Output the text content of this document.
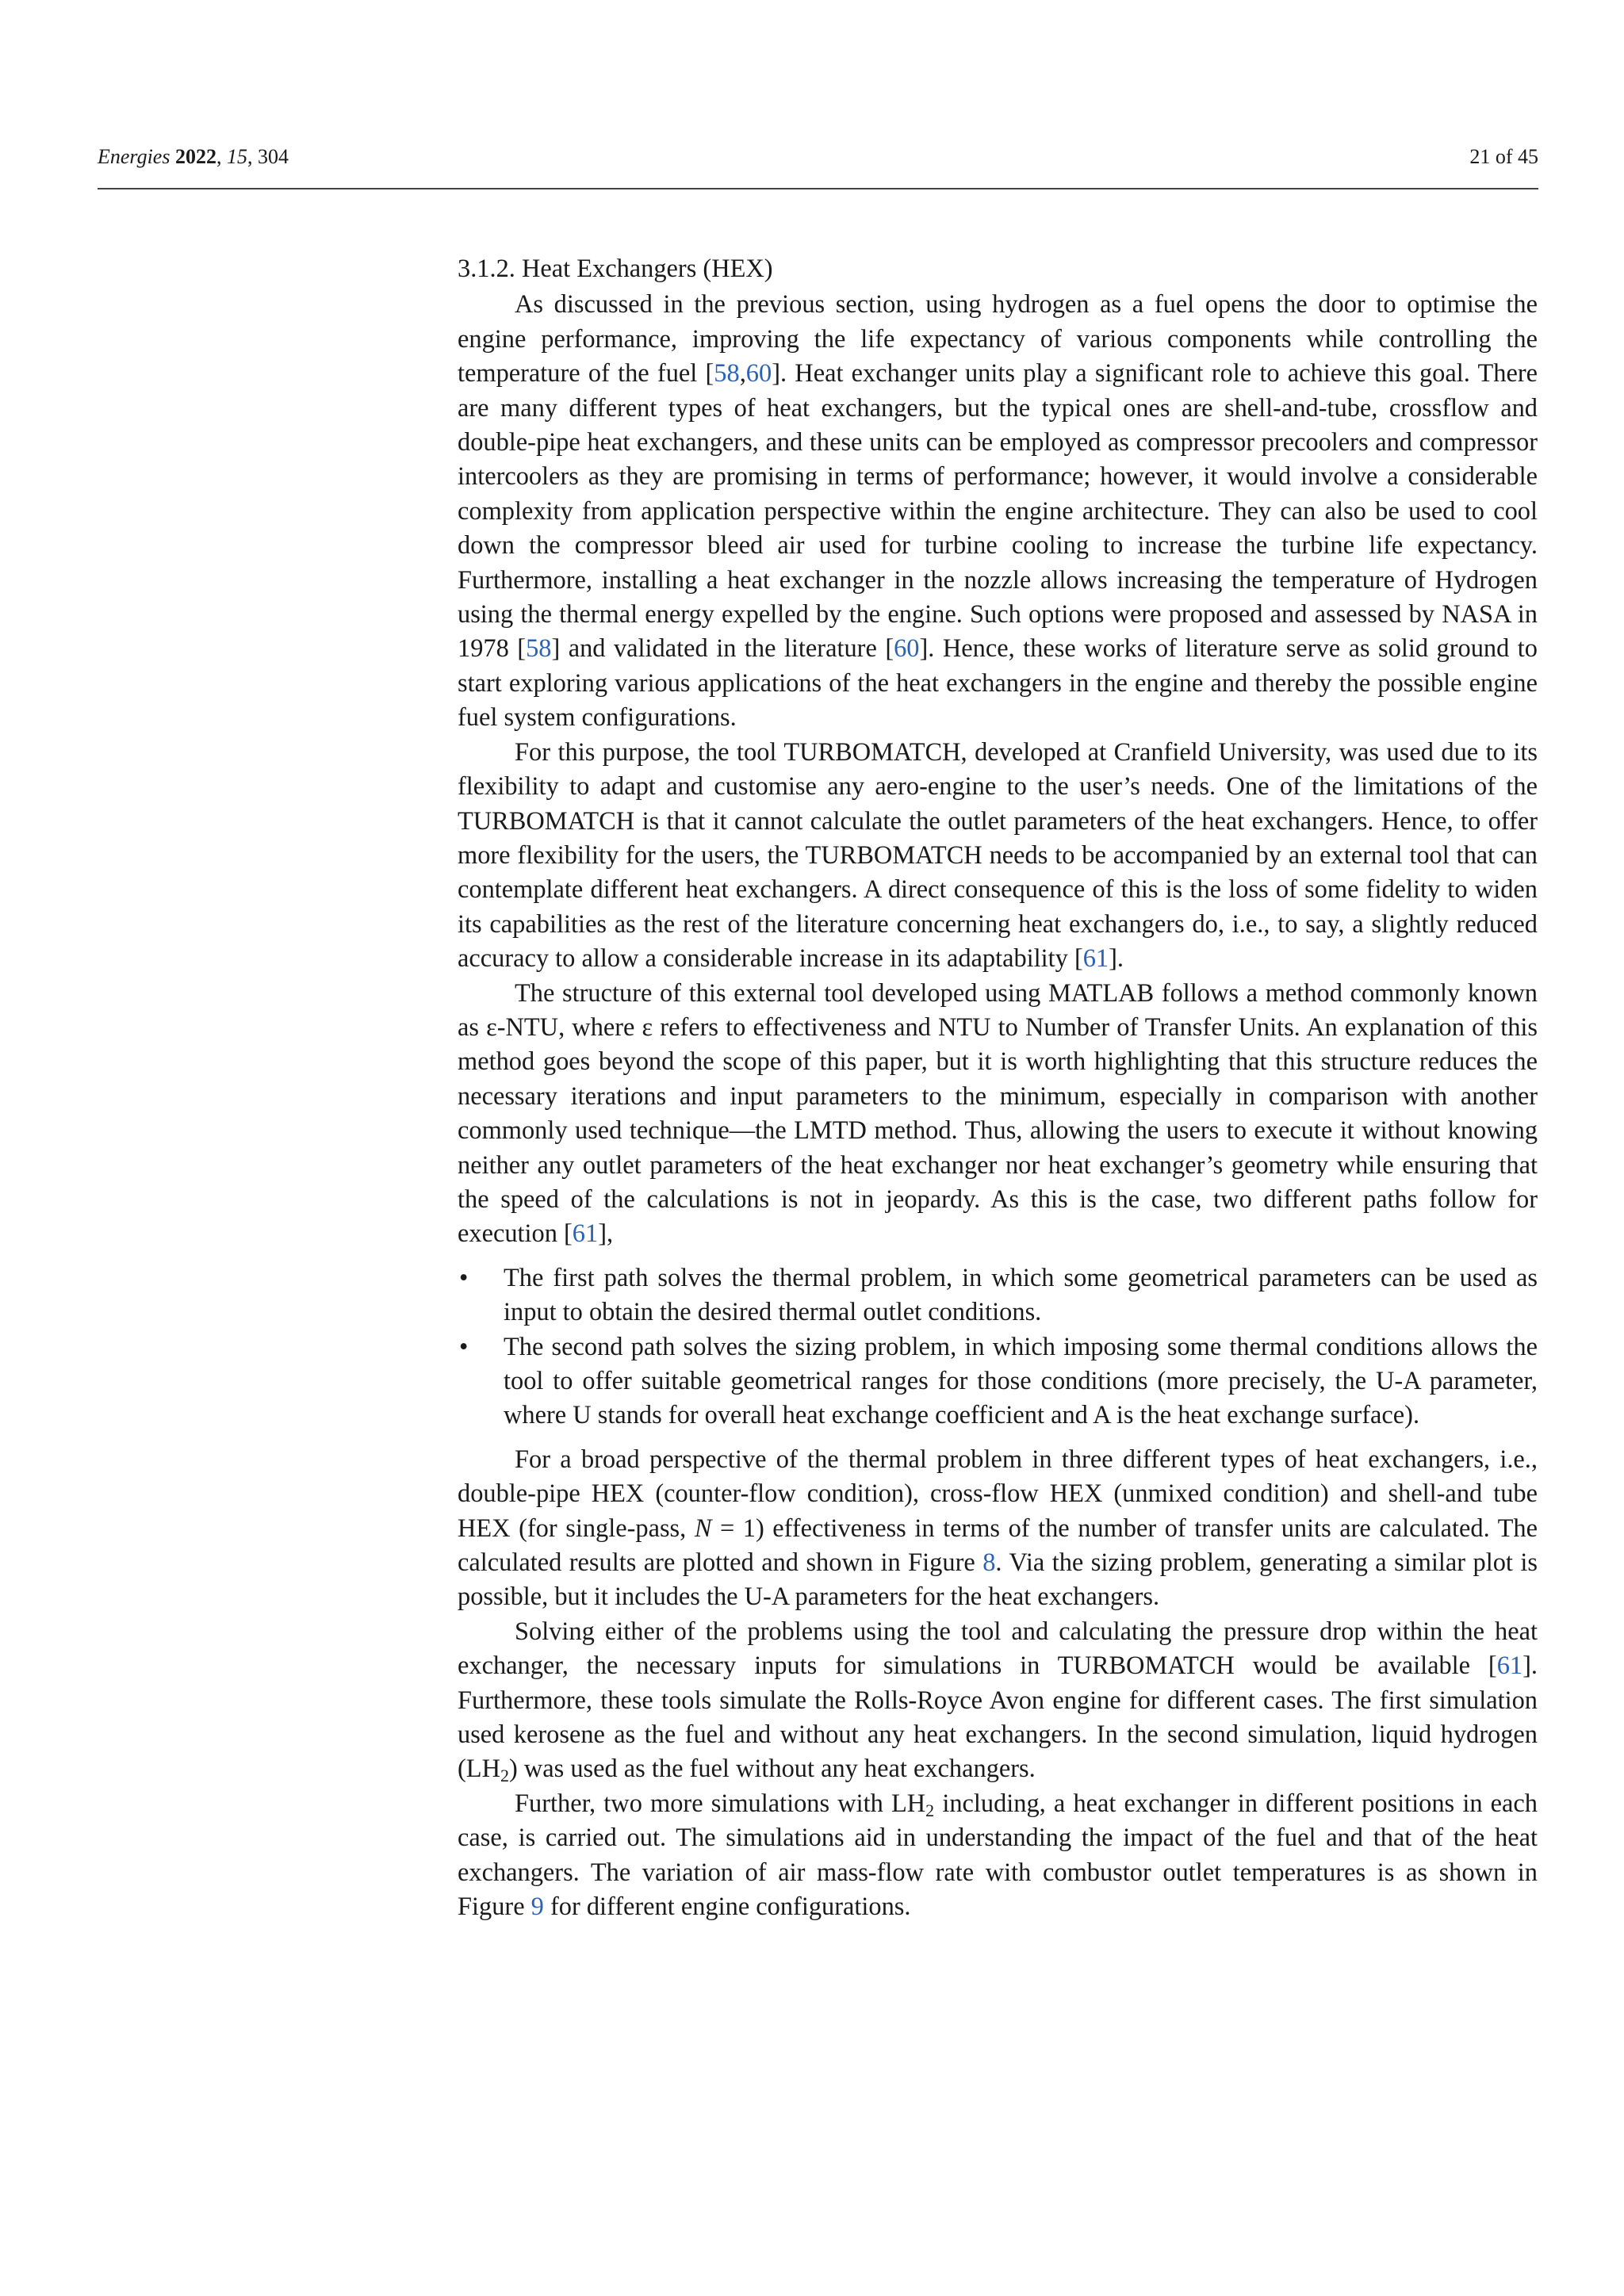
Energies 2022, 15, 304	21 of 45
3.1.2. Heat Exchangers (HEX)

As discussed in the previous section, using hydrogen as a fuel opens the door to optimise the engine performance, improving the life expectancy of various components while controlling the temperature of the fuel [58,60]. Heat exchanger units play a significant role to achieve this goal. There are many different types of heat exchangers, but the typical ones are shell-and-tube, crossflow and double-pipe heat exchangers, and these units can be employed as compressor precoolers and compressor intercoolers as they are promising in terms of performance; however, it would involve a considerable complexity from application perspective within the engine architecture. They can also be used to cool down the compressor bleed air used for turbine cooling to increase the turbine life expectancy. Furthermore, installing a heat exchanger in the nozzle allows increasing the temperature of Hydrogen using the thermal energy expelled by the engine. Such options were proposed and assessed by NASA in 1978 [58] and validated in the literature [60]. Hence, these works of literature serve as solid ground to start exploring various applications of the heat exchangers in the engine and thereby the possible engine fuel system configurations.

For this purpose, the tool TURBOMATCH, developed at Cranfield University, was used due to its flexibility to adapt and customise any aero-engine to the user’s needs. One of the limitations of the TURBOMATCH is that it cannot calculate the outlet parameters of the heat exchangers. Hence, to offer more flexibility for the users, the TURBOMATCH needs to be accompanied by an external tool that can contemplate different heat exchangers. A direct consequence of this is the loss of some fidelity to widen its capabilities as the rest of the literature concerning heat exchangers do, i.e., to say, a slightly reduced accuracy to allow a considerable increase in its adaptability [61].

The structure of this external tool developed using MATLAB follows a method commonly known as ε-NTU, where ε refers to effectiveness and NTU to Number of Transfer Units. An explanation of this method goes beyond the scope of this paper, but it is worth highlighting that this structure reduces the necessary iterations and input parameters to the minimum, especially in comparison with another commonly used technique—the LMTD method. Thus, allowing the users to execute it without knowing neither any outlet parameters of the heat exchanger nor heat exchanger’s geometry while ensuring that the speed of the calculations is not in jeopardy. As this is the case, two different paths follow for execution [61],

• The first path solves the thermal problem, in which some geometrical parameters can be used as input to obtain the desired thermal outlet conditions.
• The second path solves the sizing problem, in which imposing some thermal conditions allows the tool to offer suitable geometrical ranges for those conditions (more precisely, the U-A parameter, where U stands for overall heat exchange coefficient and A is the heat exchange surface).

For a broad perspective of the thermal problem in three different types of heat exchangers, i.e., double-pipe HEX (counter-flow condition), cross-flow HEX (unmixed condition) and shell-and tube HEX (for single-pass, N = 1) effectiveness in terms of the number of transfer units are calculated. The calculated results are plotted and shown in Figure 8. Via the sizing problem, generating a similar plot is possible, but it includes the U-A parameters for the heat exchangers.

Solving either of the problems using the tool and calculating the pressure drop within the heat exchanger, the necessary inputs for simulations in TURBOMATCH would be available [61]. Furthermore, these tools simulate the Rolls-Royce Avon engine for different cases. The first simulation used kerosene as the fuel and without any heat exchangers. In the second simulation, liquid hydrogen $(LH_2)$ was used as the fuel without any heat exchangers.

Further, two more simulations with $LH_2$ including, a heat exchanger in different positions in each case, is carried out. The simulations aid in understanding the impact of the fuel and that of the heat exchangers. The variation of air mass-flow rate with combustor outlet temperatures is as shown in Figure 9 for different engine configurations.
